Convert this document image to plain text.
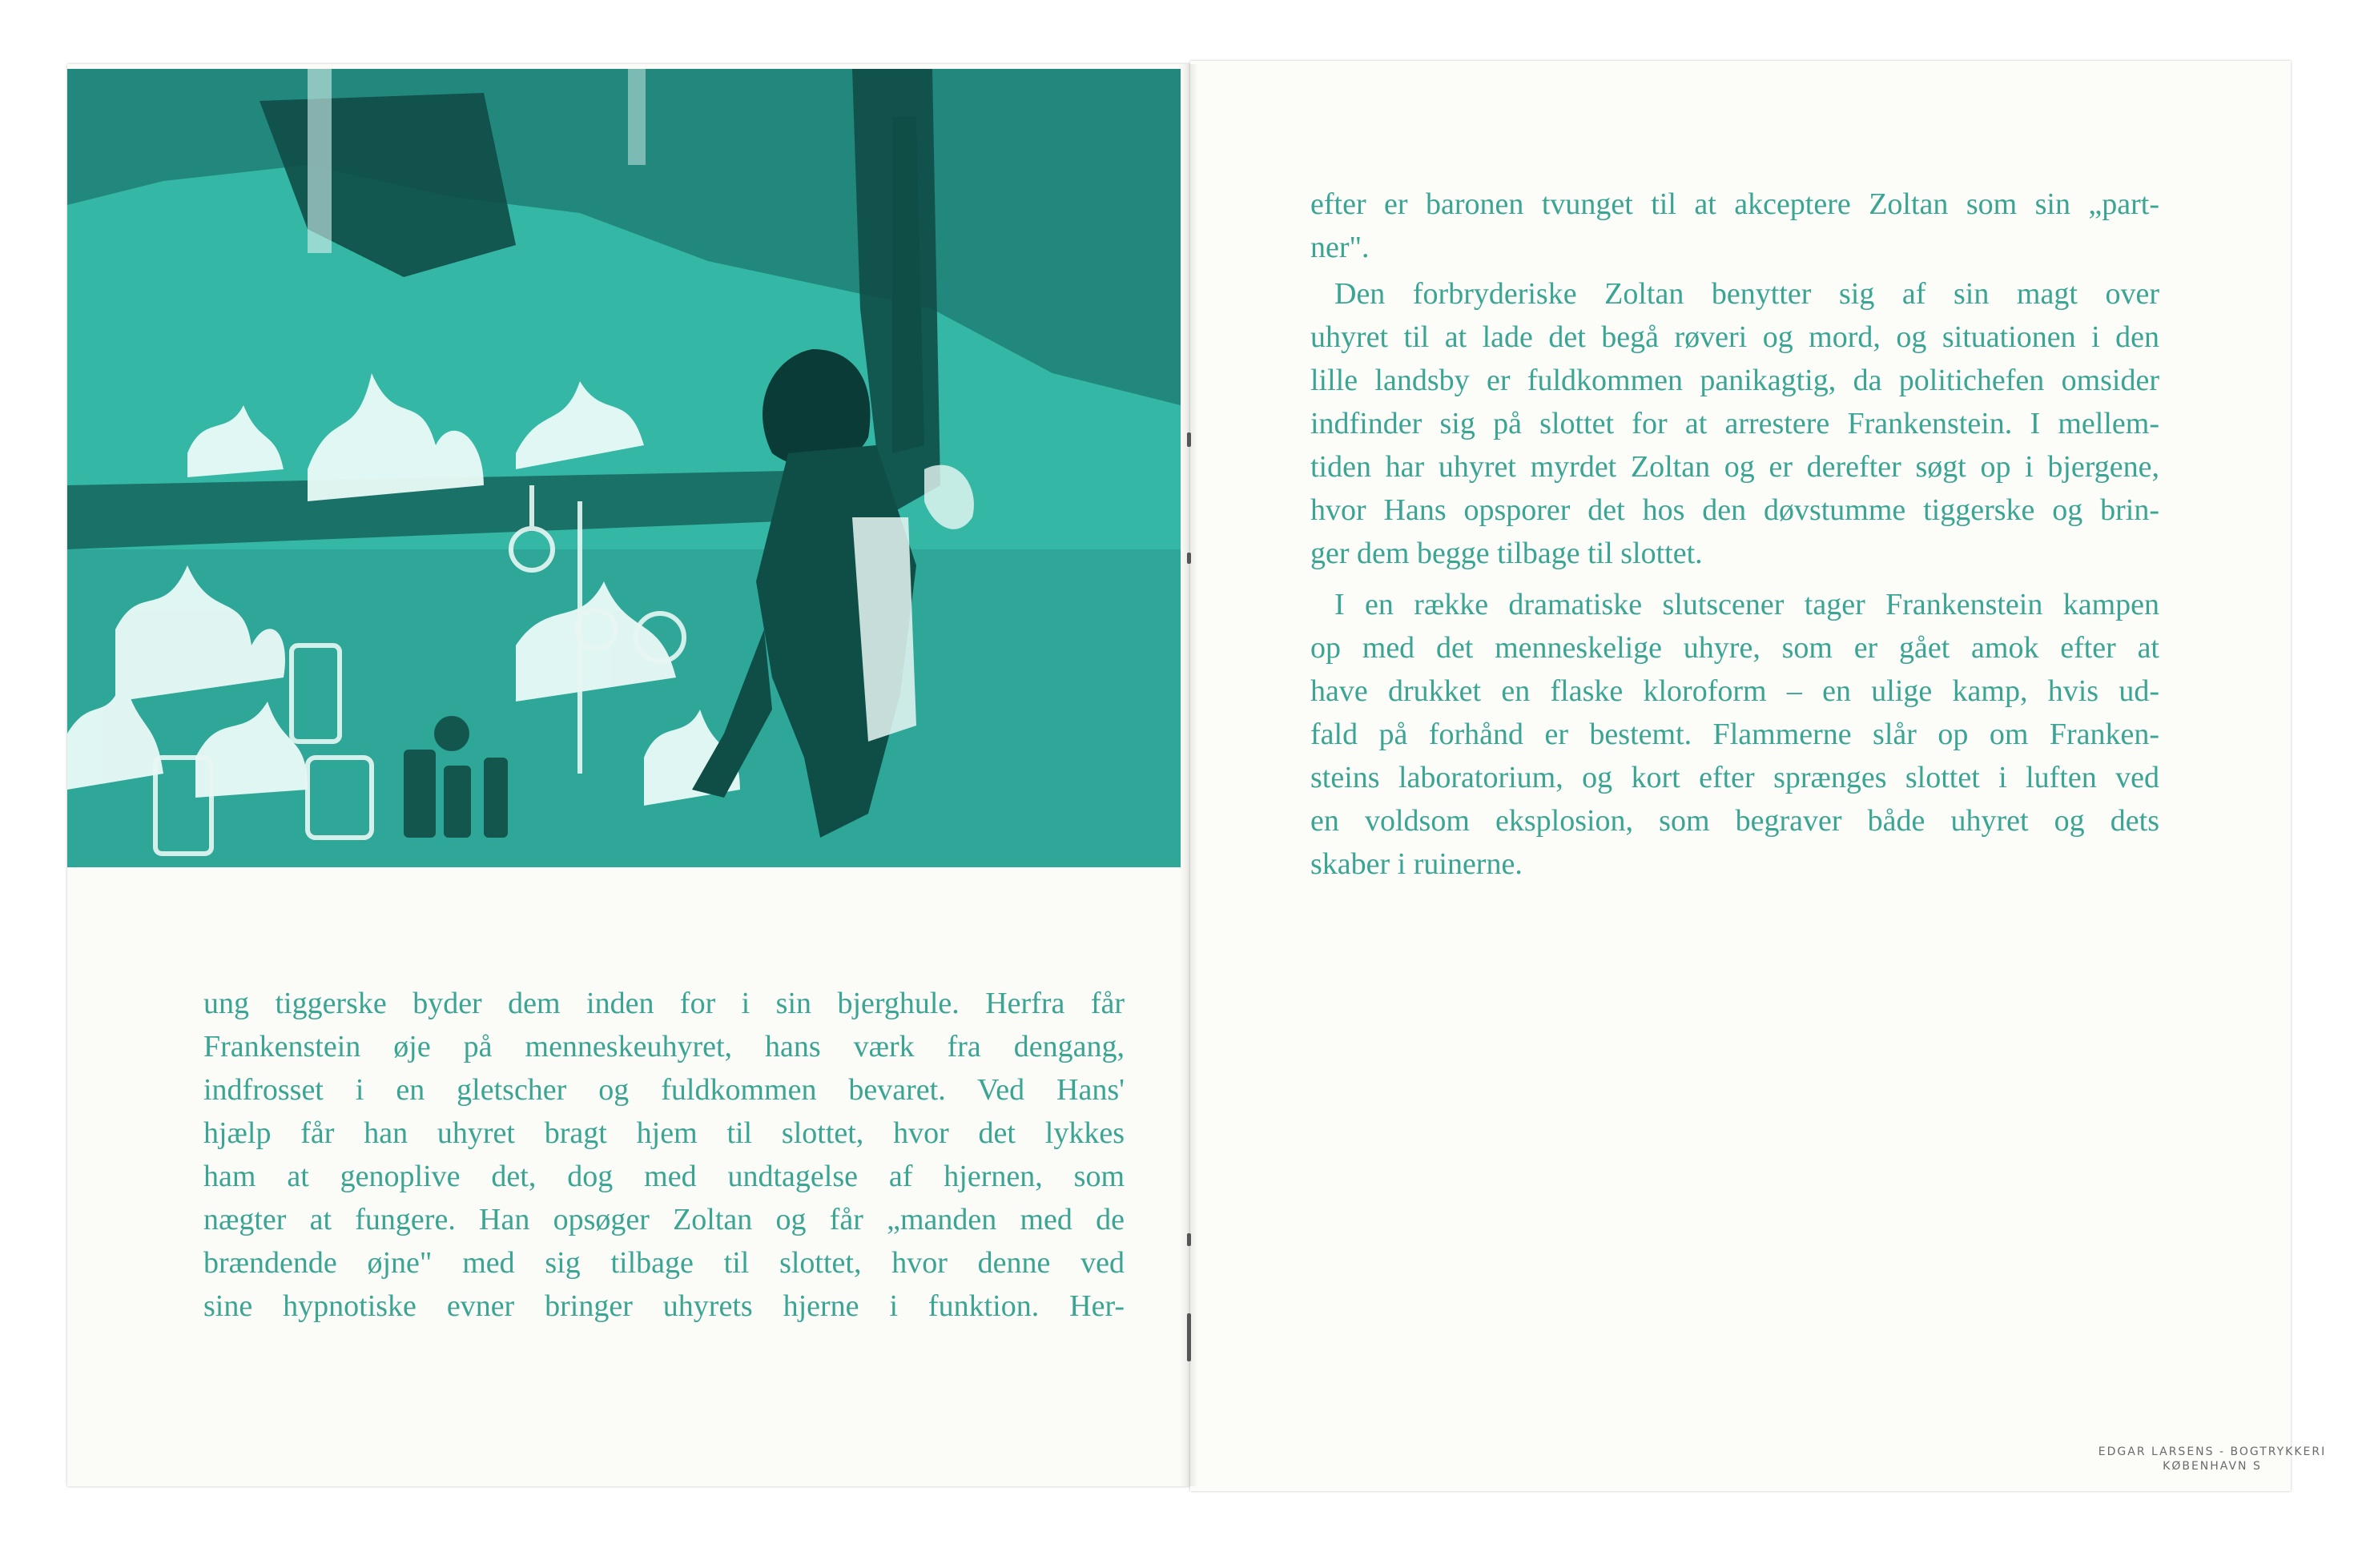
ung tiggerske byder dem inden for i sin bjerghule. Herfra får

Frankenstein øje på menneskeuhyret, hans værk fra dengang,

indfrosset i en gletscher og fuldkommen bevaret. Ved Hans'

hjælp får han uhyret bragt hjem til slottet, hvor det lykkes

ham at genoplive det, dog med undtagelse af hjernen, som

nægter at fungere. Han opsøger Zoltan og får „manden med de

brændende øjne" med sig tilbage til slottet, hvor denne ved

sine hypnotiske evner bringer uhyrets hjerne i funktion. Her-

efter er baronen tvunget til at akceptere Zoltan som sin „part-

ner".

Den forbryderiske Zoltan benytter sig af sin magt over

uhyret til at lade det begå røveri og mord, og situationen i den

lille landsby er fuldkommen panikagtig, da politichefen omsider

indfinder sig på slottet for at arrestere Frankenstein. I mellem-

tiden har uhyret myrdet Zoltan og er derefter søgt op i bjergene,

hvor Hans opsporer det hos den døvstumme tiggerske og brin-

ger dem begge tilbage til slottet.

I en række dramatiske slutscener tager Frankenstein kampen

op med det menneskelige uhyre, som er gået amok efter at

have drukket en flaske kloroform – en ulige kamp, hvis ud-

fald på forhånd er bestemt. Flammerne slår op om Franken-

steins laboratorium, og kort efter sprænges slottet i luften ved

en voldsom eksplosion, som begraver både uhyret og dets

skaber i ruinerne.

EDGAR LARSENS - BOGTRYKKERI
KØBENHAVN S
